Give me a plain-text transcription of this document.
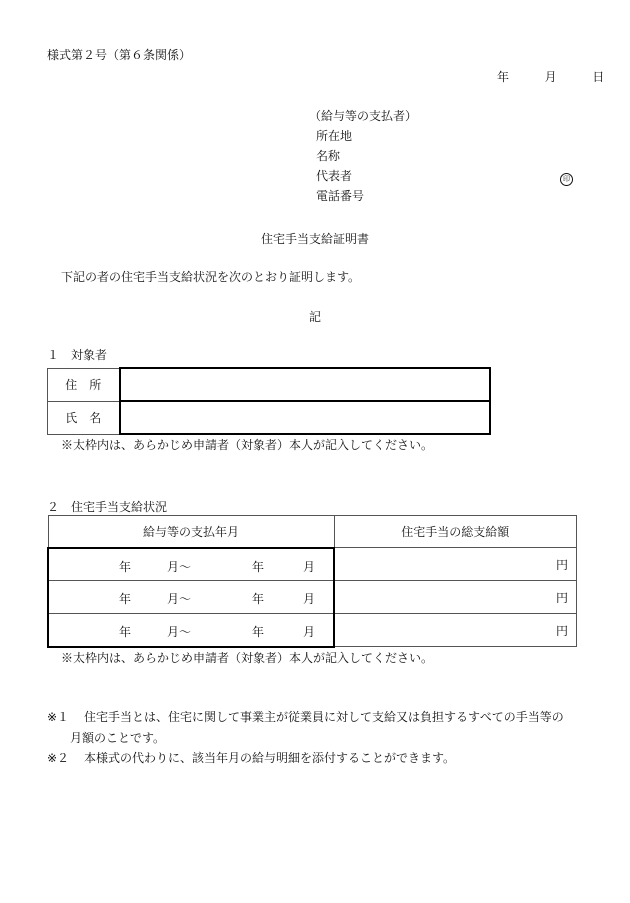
様式第２号（第６条関係）
年	月	日
（給与等の支払者）
所在地
名称
代表者	印
電話番号
住宅手当支給証明書
下記の者の住宅手当支給状況を次のとおり証明します。
記
１　対象者
住　所	
氏　名	
※太枠内は、あらかじめ申請者（対象者）本人が記入してください。
２　住宅手当支給状況
給与等の支払年月	住宅手当の総支給額

年 月～ 年 月	円

年 月～ 年 月	円

年 月～ 年 月	円
※太枠内は、あらかじめ申請者（対象者）本人が記入してください。
※１ 住宅手当とは、住宅に関して事業主が従業員に対して支給又は負担するすべての手当等の
月額のことです。
※２ 本様式の代わりに、該当年月の給与明細を添付することができます。
